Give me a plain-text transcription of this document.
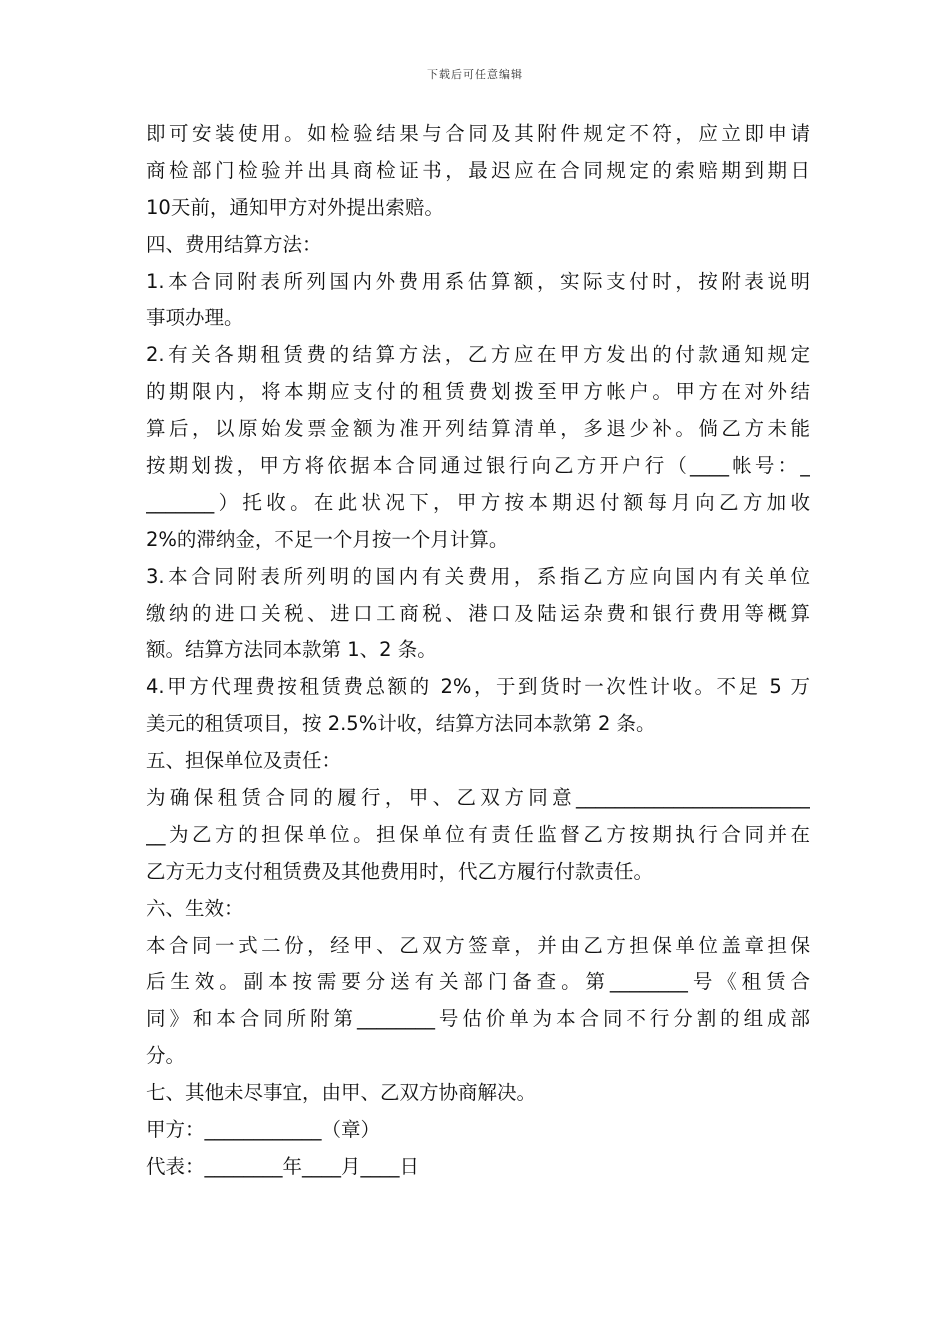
下载后可任意编辑
即可安装使用。如检验结果与合同及其附件规定不符，应立即申请
商检部门检验并出具商检证书，最迟应在合同规定的索赔期到期日
10天前，通知甲方对外提出索赔。
四、费用结算方法：
1.本合同附表所列国内外费用系估算额，实际支付时，按附表说明
事项办理。
2.有关各期租赁费的结算方法，乙方应在甲方发出的付款通知规定
的期限内，将本期应支付的租赁费划拨至甲方帐户。甲方在对外结
算后，以原始发票金额为准开列结算清单，多退少补。倘乙方未能
按期划拨，甲方将依据本合同通过银行向乙方开户行（____帐号：_
_______）托收。在此状况下，甲方按本期迟付额每月向乙方加收
2%的滞纳金，不足一个月按一个月计算。
3.本合同附表所列明的国内有关费用，系指乙方应向国内有关单位
缴纳的进口关税、进口工商税、港口及陆运杂费和银行费用等概算
额。结算方法同本款第 1、2 条。
4.甲方代理费按租赁费总额的 2%，于到货时一次性计收。不足 5 万
美元的租赁项目，按 2.5%计收，结算方法同本款第 2 条。
五、担保单位及责任：
为确保租赁合同的履行，甲、乙双方同意________________________
__为乙方的担保单位。担保单位有责任监督乙方按期执行合同并在
乙方无力支付租赁费及其他费用时，代乙方履行付款责任。
六、生效：
本合同一式二份，经甲、乙双方签章，并由乙方担保单位盖章担保
后生效。副本按需要分送有关部门备查。第________号《租赁合
同》和本合同所附第________号估价单为本合同不行分割的组成部
分。
七、其他未尽事宜，由甲、乙双方协商解决。
甲方：____________（章）
代表：________年____月____日
